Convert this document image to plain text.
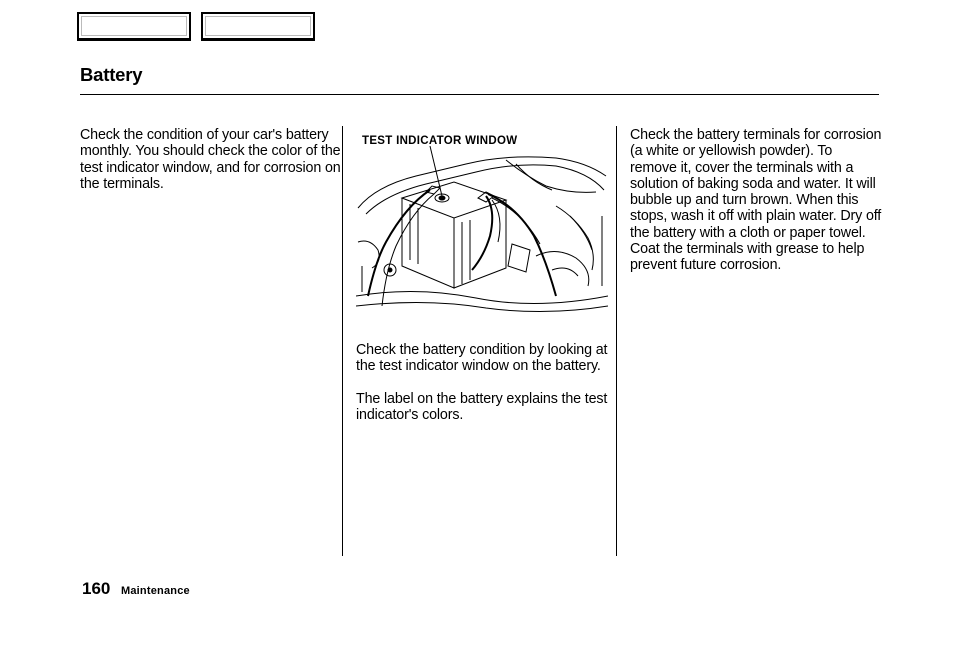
Battery

Check the condition of your car's battery monthly. You should check the color of the test indicator window, and for corrosion on the terminals.

TEST INDICATOR WINDOW

Check the battery condition by looking at the test indicator window on the battery.

The label on the battery explains the test indicator's colors.

Check the battery terminals for corrosion (a white or yellowish powder). To remove it, cover the terminals with a solution of baking soda and water. It will bubble up and turn brown. When this stops, wash it off with plain water. Dry off the battery with a cloth or paper towel. Coat the terminals with grease to help prevent future corrosion.

160 Maintenance
